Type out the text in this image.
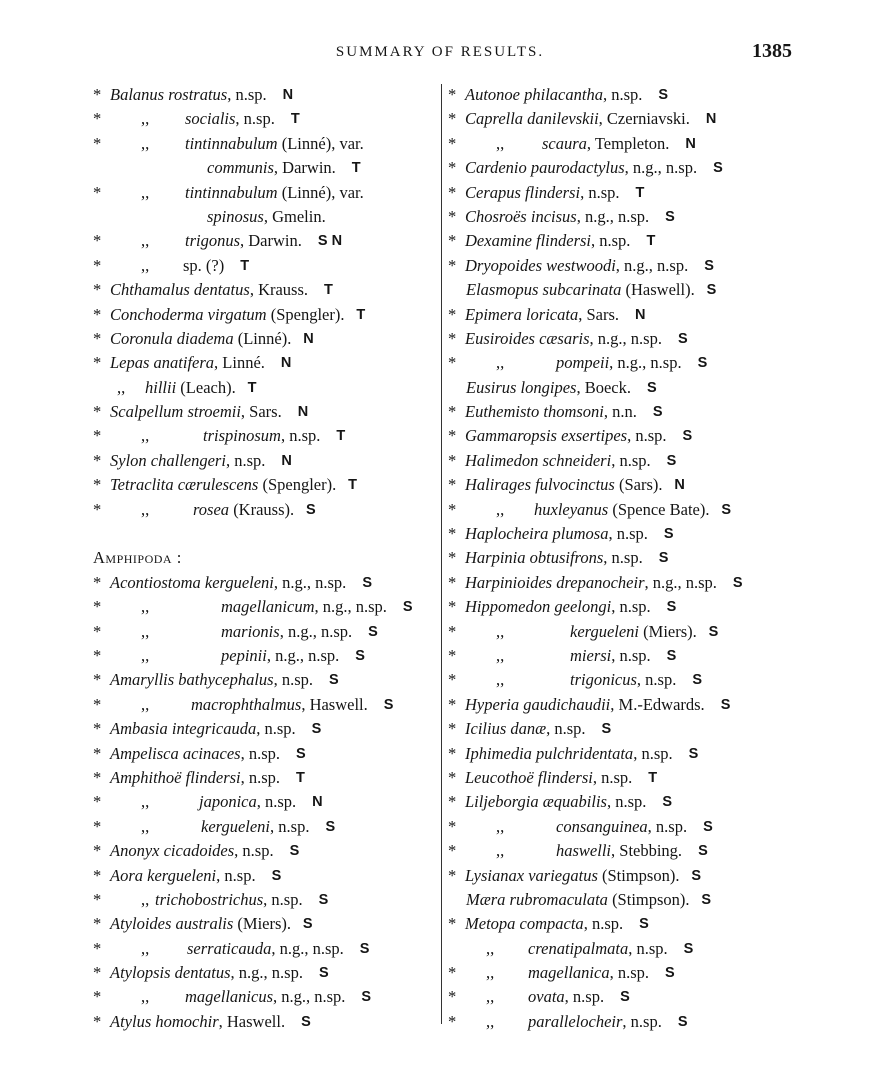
SUMMARY OF RESULTS.	1385
* Balanus rostratus, n.sp. N
* ,, socialis, n.sp. T
* ,, tintinnabulum (Linné), var.
communis, Darwin. T
* ,, tintinnabulum (Linné), var.
spinosus, Gmelin.
* ,, trigonus, Darwin. S N
* ,, sp. (?) T
* Chthamalus dentatus, Krauss. T
* Conchoderma virgatum (Spengler). T
* Coronula diadema (Linné). N
* Lepas anatifera, Linné. N
,, hillii (Leach). T
* Scalpellum stroemii, Sars. N
* ,,	trispinosum, n.sp. T
* Sylon challengeri, n.sp. N
* Tetraclita cærulescens (Spengler). T
* ,,	rosea (Krauss). S
Amphipoda :
* Acontiostoma kergueleni, n.g., n.sp. S
* ,,	magellanicum, n.g., n.sp. S
* ,,	marionis, n.g., n.sp. S
* ,,	pepinii, n.g., n.sp. S
* Amaryllis bathycephalus, n.sp. S
* ,,	macrophthalmus, Haswell. S
* Ambasia integricauda, n.sp. S
* Ampelisca acinaces, n.sp. S
* Amphithoë flindersi, n.sp. T
* ,,	japonica, n.sp. N
* ,,	kergueleni, n.sp. S
* Anonyx cicadoides, n.sp. S
* Aora kergueleni, n.sp. S
* ,, trichobostrichus, n.sp. S
* Atyloides australis (Miers). S
* ,, serraticauda, n.g., n.sp. S
* Atylopsis dentatus, n.g., n.sp. S
* ,, magellanicus, n.g., n.sp. S
* Atylus homochir, Haswell. S
* Autonoe philacantha, n.sp. S
* Caprella danilevskii, Czerniavski. N
* ,, scaura, Templeton. N
* Cardenio paurodactylus, n.g., n.sp. S
* Cerapus flindersi, n.sp. T
* Chosroës incisus, n.g., n.sp. S
* Dexamine flindersi, n.sp. T
* Dryopoides westwoodi, n.g., n.sp. S
Elasmopus subcarinata (Haswell). S
* Epimera loricata, Sars. N
* Eusiroides cæsaris, n.g., n.sp. S
* ,,	pompeii, n.g., n.sp. S
Eusirus longipes, Boeck. S
* Euthemisto thomsoni, n.n. S
* Gammaropsis exsertipes, n.sp. S
* Halimedon schneideri, n.sp. S
* Halirages fulvocinctus (Sars). N
* ,, huxleyanus (Spence Bate). S
* Haplocheira plumosa, n.sp. S
* Harpinia obtusifrons, n.sp. S
* Harpinioides drepanocheir, n.g., n.sp. S
* Hippomedon geelongi, n.sp. S
* ,,	kergueleni (Miers). S
* ,,	miersi, n.sp. S
* ,,	trigonicus, n.sp. S
* Hyperia gaudichaudii, M.-Edwards. S
* Icilius danæ, n.sp. S
* Iphimedia pulchridentata, n.sp. S
* Leucothoë flindersi, n.sp. T
* Liljeborgia æquabilis, n.sp. S
* ,,	consanguinea, n.sp. S
* ,,	haswelli, Stebbing. S
* Lysianax variegatus (Stimpson). S
Mæra rubromaculata (Stimpson). S
* Metopa compacta, n.sp. S
,, crenatipalmata, n.sp. S
* ,, magellanica, n.sp. S
* ,, ovata, n.sp. S
* ,, parallelocheir, n.sp. S
